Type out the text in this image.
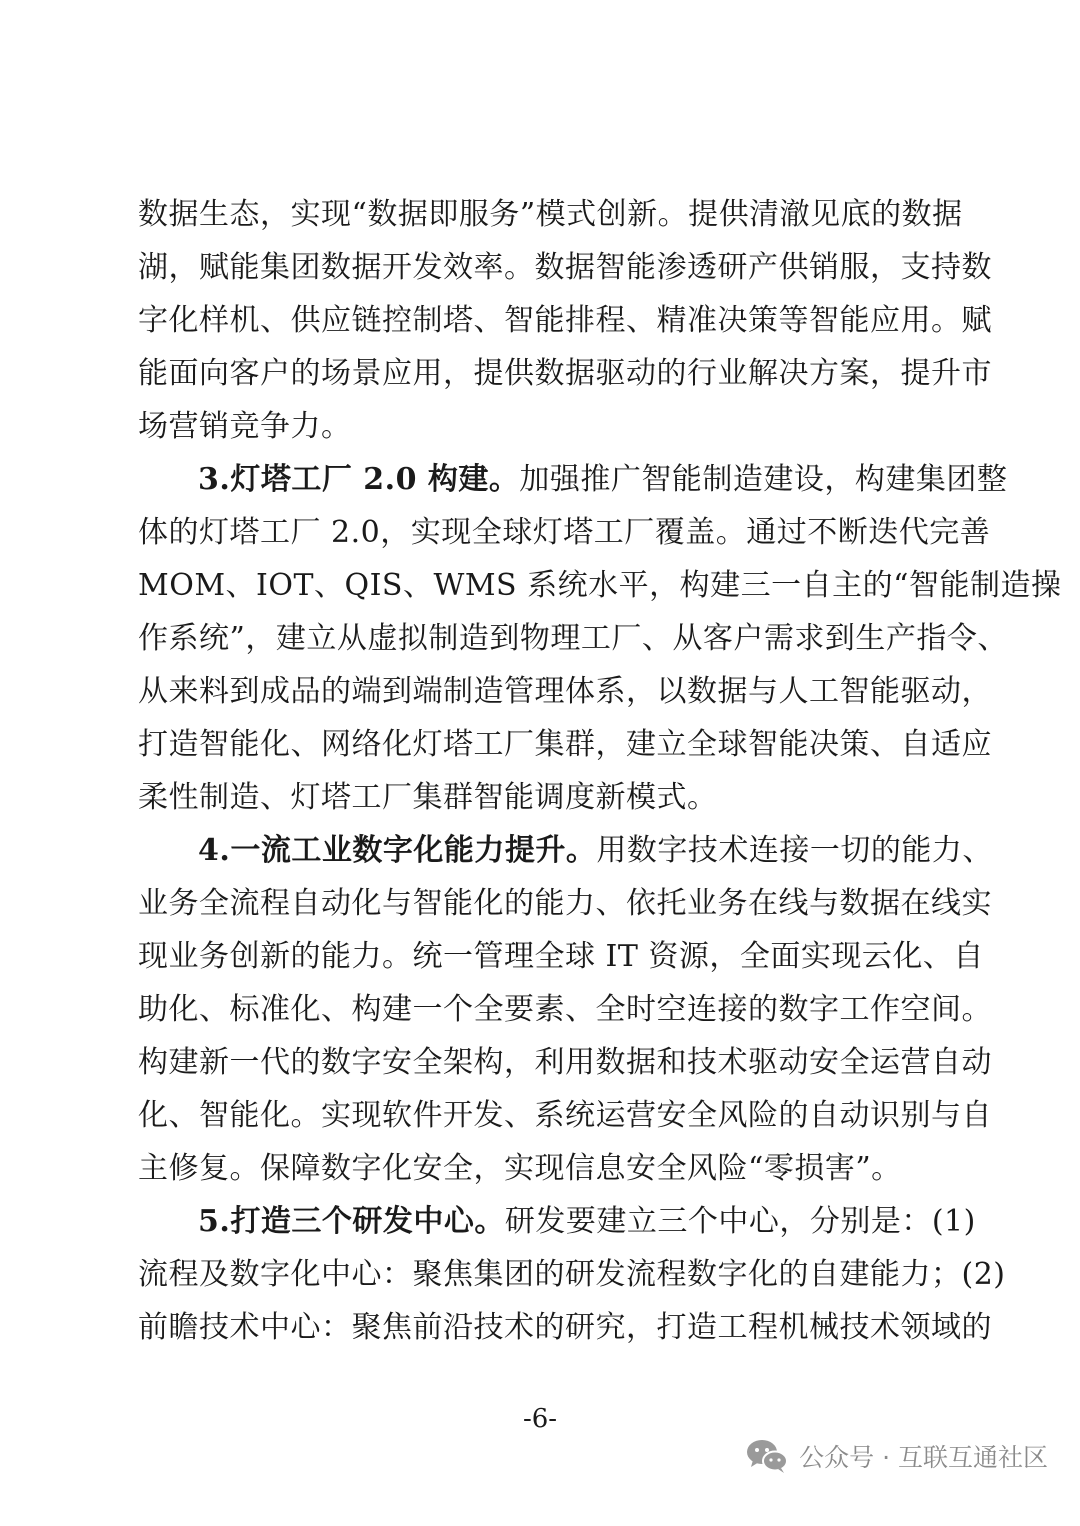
数据生态，实现“数据即服务”模式创新。提供清澈见底的数据
湖，赋能集团数据开发效率。数据智能渗透研产供销服，支持数
字化样机、供应链控制塔、智能排程、精准决策等智能应用。赋
能面向客户的场景应用，提供数据驱动的行业解决方案，提升市
场营销竞争力。
3.灯塔工厂 2.0 构建。加强推广智能制造建设，构建集团整
体的灯塔工厂 2.0，实现全球灯塔工厂覆盖。通过不断迭代完善
MOM、IOT、QIS、WMS 系统水平，构建三一自主的“智能制造操
作系统”，建立从虚拟制造到物理工厂、从客户需求到生产指令、
从来料到成品的端到端制造管理体系，以数据与人工智能驱动，
打造智能化、网络化灯塔工厂集群，建立全球智能决策、自适应
柔性制造、灯塔工厂集群智能调度新模式。
4.一流工业数字化能力提升。用数字技术连接一切的能力、
业务全流程自动化与智能化的能力、依托业务在线与数据在线实
现业务创新的能力。统一管理全球 IT 资源，全面实现云化、自
助化、标准化、构建一个全要素、全时空连接的数字工作空间。
构建新一代的数字安全架构，利用数据和技术驱动安全运营自动
化、智能化。实现软件开发、系统运营安全风险的自动识别与自
主修复。保障数字化安全，实现信息安全风险“零损害”。
5.打造三个研发中心。研发要建立三个中心，分别是：(1)
流程及数字化中心：聚焦集团的研发流程数字化的自建能力；(2)
前瞻技术中心：聚焦前沿技术的研究，打造工程机械技术领域的
-6-
公众号 · 互联互通社区
